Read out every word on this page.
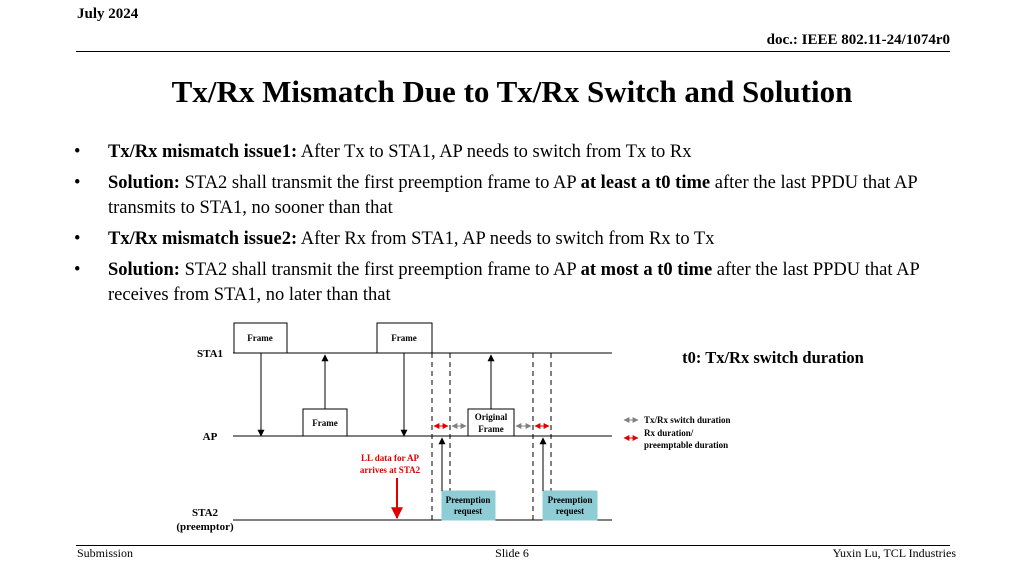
July 2024
doc.: IEEE 802.11-24/1074r0
Tx/Rx Mismatch Due to Tx/Rx Switch and Solution
• Tx/Rx mismatch issue1: After Tx to STA1, AP needs to switch from Tx to Rx
• Solution: STA2 shall transmit the first preemption frame to AP at least a t0 time after the last PPDU that AP transmits to STA1, no sooner than that
• Tx/Rx mismatch issue2: After Rx from STA1, AP needs to switch from Rx to Tx
• Solution: STA2 shall transmit the first preemption frame to AP at most a t0 time after the last PPDU that AP receives from STA1, no later than that
STA1
AP
STA2
(preemptor)
Frame	Frame
Frame
Original
Frame
LL data for AP
arrives at STA2
Preemption
request
Preemption
request
t0: Tx/Rx switch duration
Tx/Rx switch duration
Rx duration/
preemptable duration
Submission	Slide 6	Yuxin Lu, TCL Industries
